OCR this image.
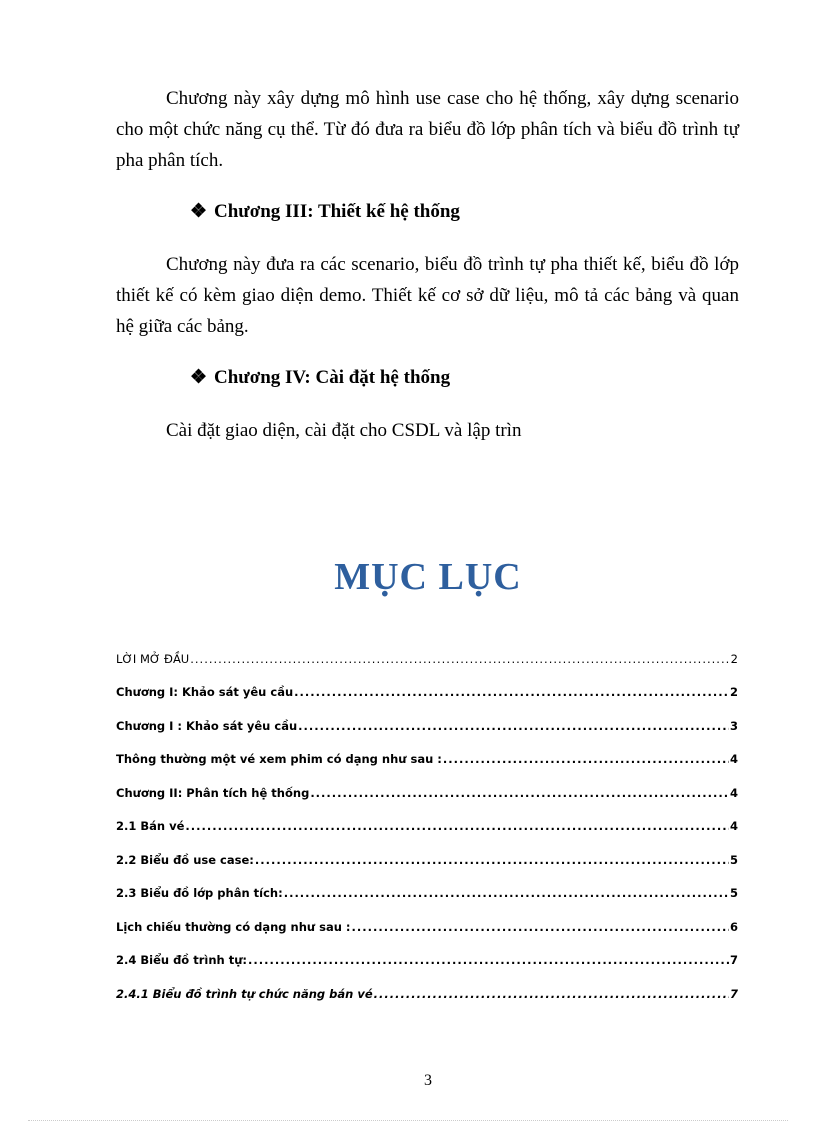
Chương này xây dựng mô hình use case cho hệ thống, xây dựng scenario cho một chức năng cụ thể. Từ đó đưa ra biểu đồ lớp phân tích và biểu đồ trình tự pha phân tích.

❖ Chương III: Thiết kế hệ thống

Chương này đưa ra các scenario, biểu đồ trình tự pha thiết kế, biểu đồ lớp thiết kế có kèm giao diện demo. Thiết kế cơ sở dữ liệu, mô tả các bảng và quan hệ giữa các bảng.

❖ Chương IV: Cài đặt hệ thống

Cài đặt giao diện, cài đặt cho CSDL và lập trìn

MỤC LỤC
LỜI MỞ ĐẦU .....	2
Chương I: Khảo sát yêu cầu .....	2
Chương I : Khảo sát yêu cầu .....	3
Thông thường một vé xem phim có dạng như sau : .....	4
Chương II: Phân tích hệ thống .....	4
2.1 Bán vé .....	4
2.2 Biểu đồ use case: .....	5
2.3 Biểu đồ lớp phân tích: .....	5
Lịch chiếu thường có dạng như sau : .....	6
2.4 Biểu đồ trình tự: .....	7
2.4.1 Biểu đồ trình tự chức năng bán vé .....	7
3
